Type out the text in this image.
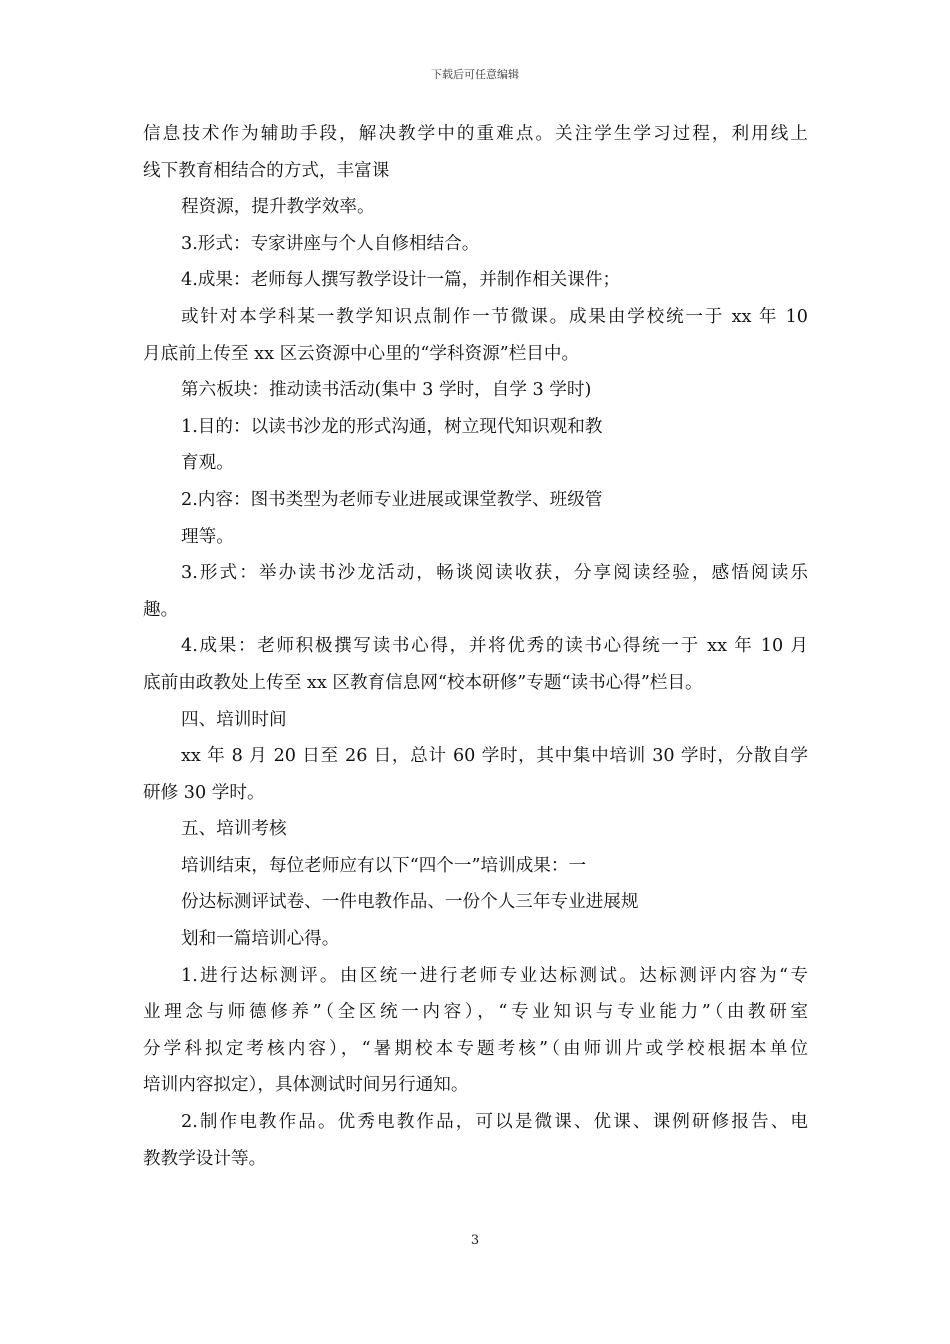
下载后可任意编辑
信息技术作为辅助手段，解决教学中的重难点。关注学生学习过程，利用线上
线下教育相结合的方式，丰富课
程资源，提升教学效率。
3.形式：专家讲座与个人自修相结合。
4.成果：老师每人撰写教学设计一篇，并制作相关课件；
或针对本学科某一教学知识点制作一节微课。成果由学校统一于 xx 年 10
月底前上传至 xx 区云资源中心里的“学科资源”栏目中。
第六板块：推动读书活动(集中 3 学时，自学 3 学时)
1.目的：以读书沙龙的形式沟通，树立现代知识观和教
育观。
2.内容：图书类型为老师专业进展或课堂教学、班级管
理等。
3.形式：举办读书沙龙活动，畅谈阅读收获，分享阅读经验，感悟阅读乐
趣。
4.成果：老师积极撰写读书心得，并将优秀的读书心得统一于 xx 年 10 月
底前由政教处上传至 xx 区教育信息网“校本研修”专题“读书心得”栏目。
四、培训时间
xx 年 8 月 20 日至 26 日，总计 60 学时，其中集中培训 30 学时，分散自学
研修 30 学时。
五、培训考核
培训结束，每位老师应有以下“四个一”培训成果：一
份达标测评试卷、一件电教作品、一份个人三年专业进展规
划和一篇培训心得。
1.进行达标测评。由区统一进行老师专业达标测试。达标测评内容为“专
业理念与师德修养”（全区统一内容），“专业知识与专业能力”（由教研室
分学科拟定考核内容），“暑期校本专题考核”（由师训片或学校根据本单位
培训内容拟定），具体测试时间另行通知。
2.制作电教作品。优秀电教作品，可以是微课、优课、课例研修报告、电
教教学设计等。
3
